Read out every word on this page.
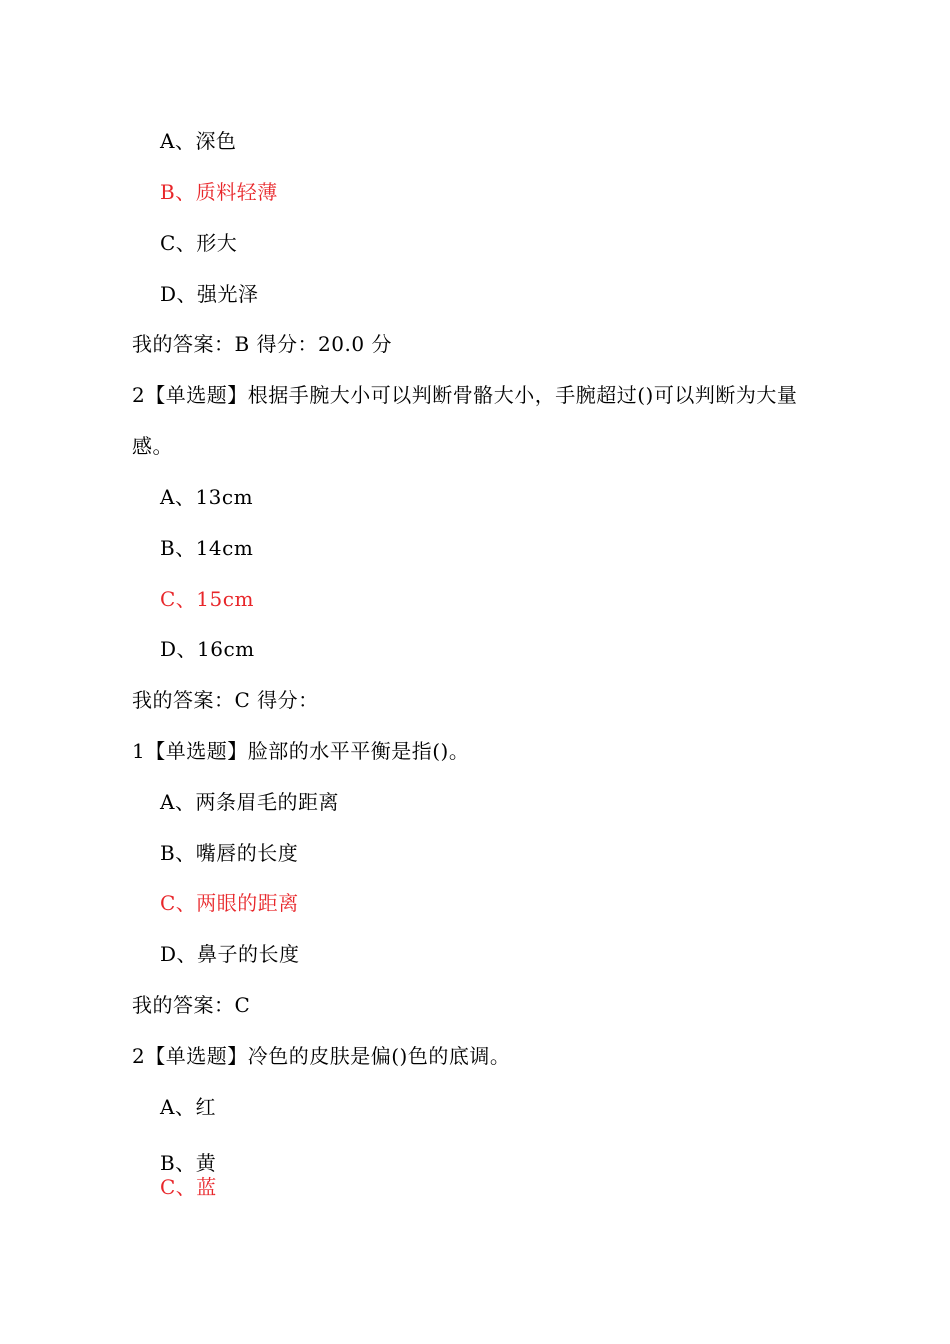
A、深色
B、质料轻薄
C、形大
D、强光泽
我的答案：B 得分：20.0 分
2【单选题】根据手腕大小可以判断骨骼大小，手腕超过()可以判断为大量
感。
A、13cm
B、14cm
C、15cm
D、16cm
我的答案：C 得分：
1【单选题】脸部的水平平衡是指()。
A、两条眉毛的距离
B、嘴唇的长度
C、两眼的距离
D、鼻子的长度
我的答案：C
2【单选题】冷色的皮肤是偏()色的底调。
A、红
B、黄
C、蓝
